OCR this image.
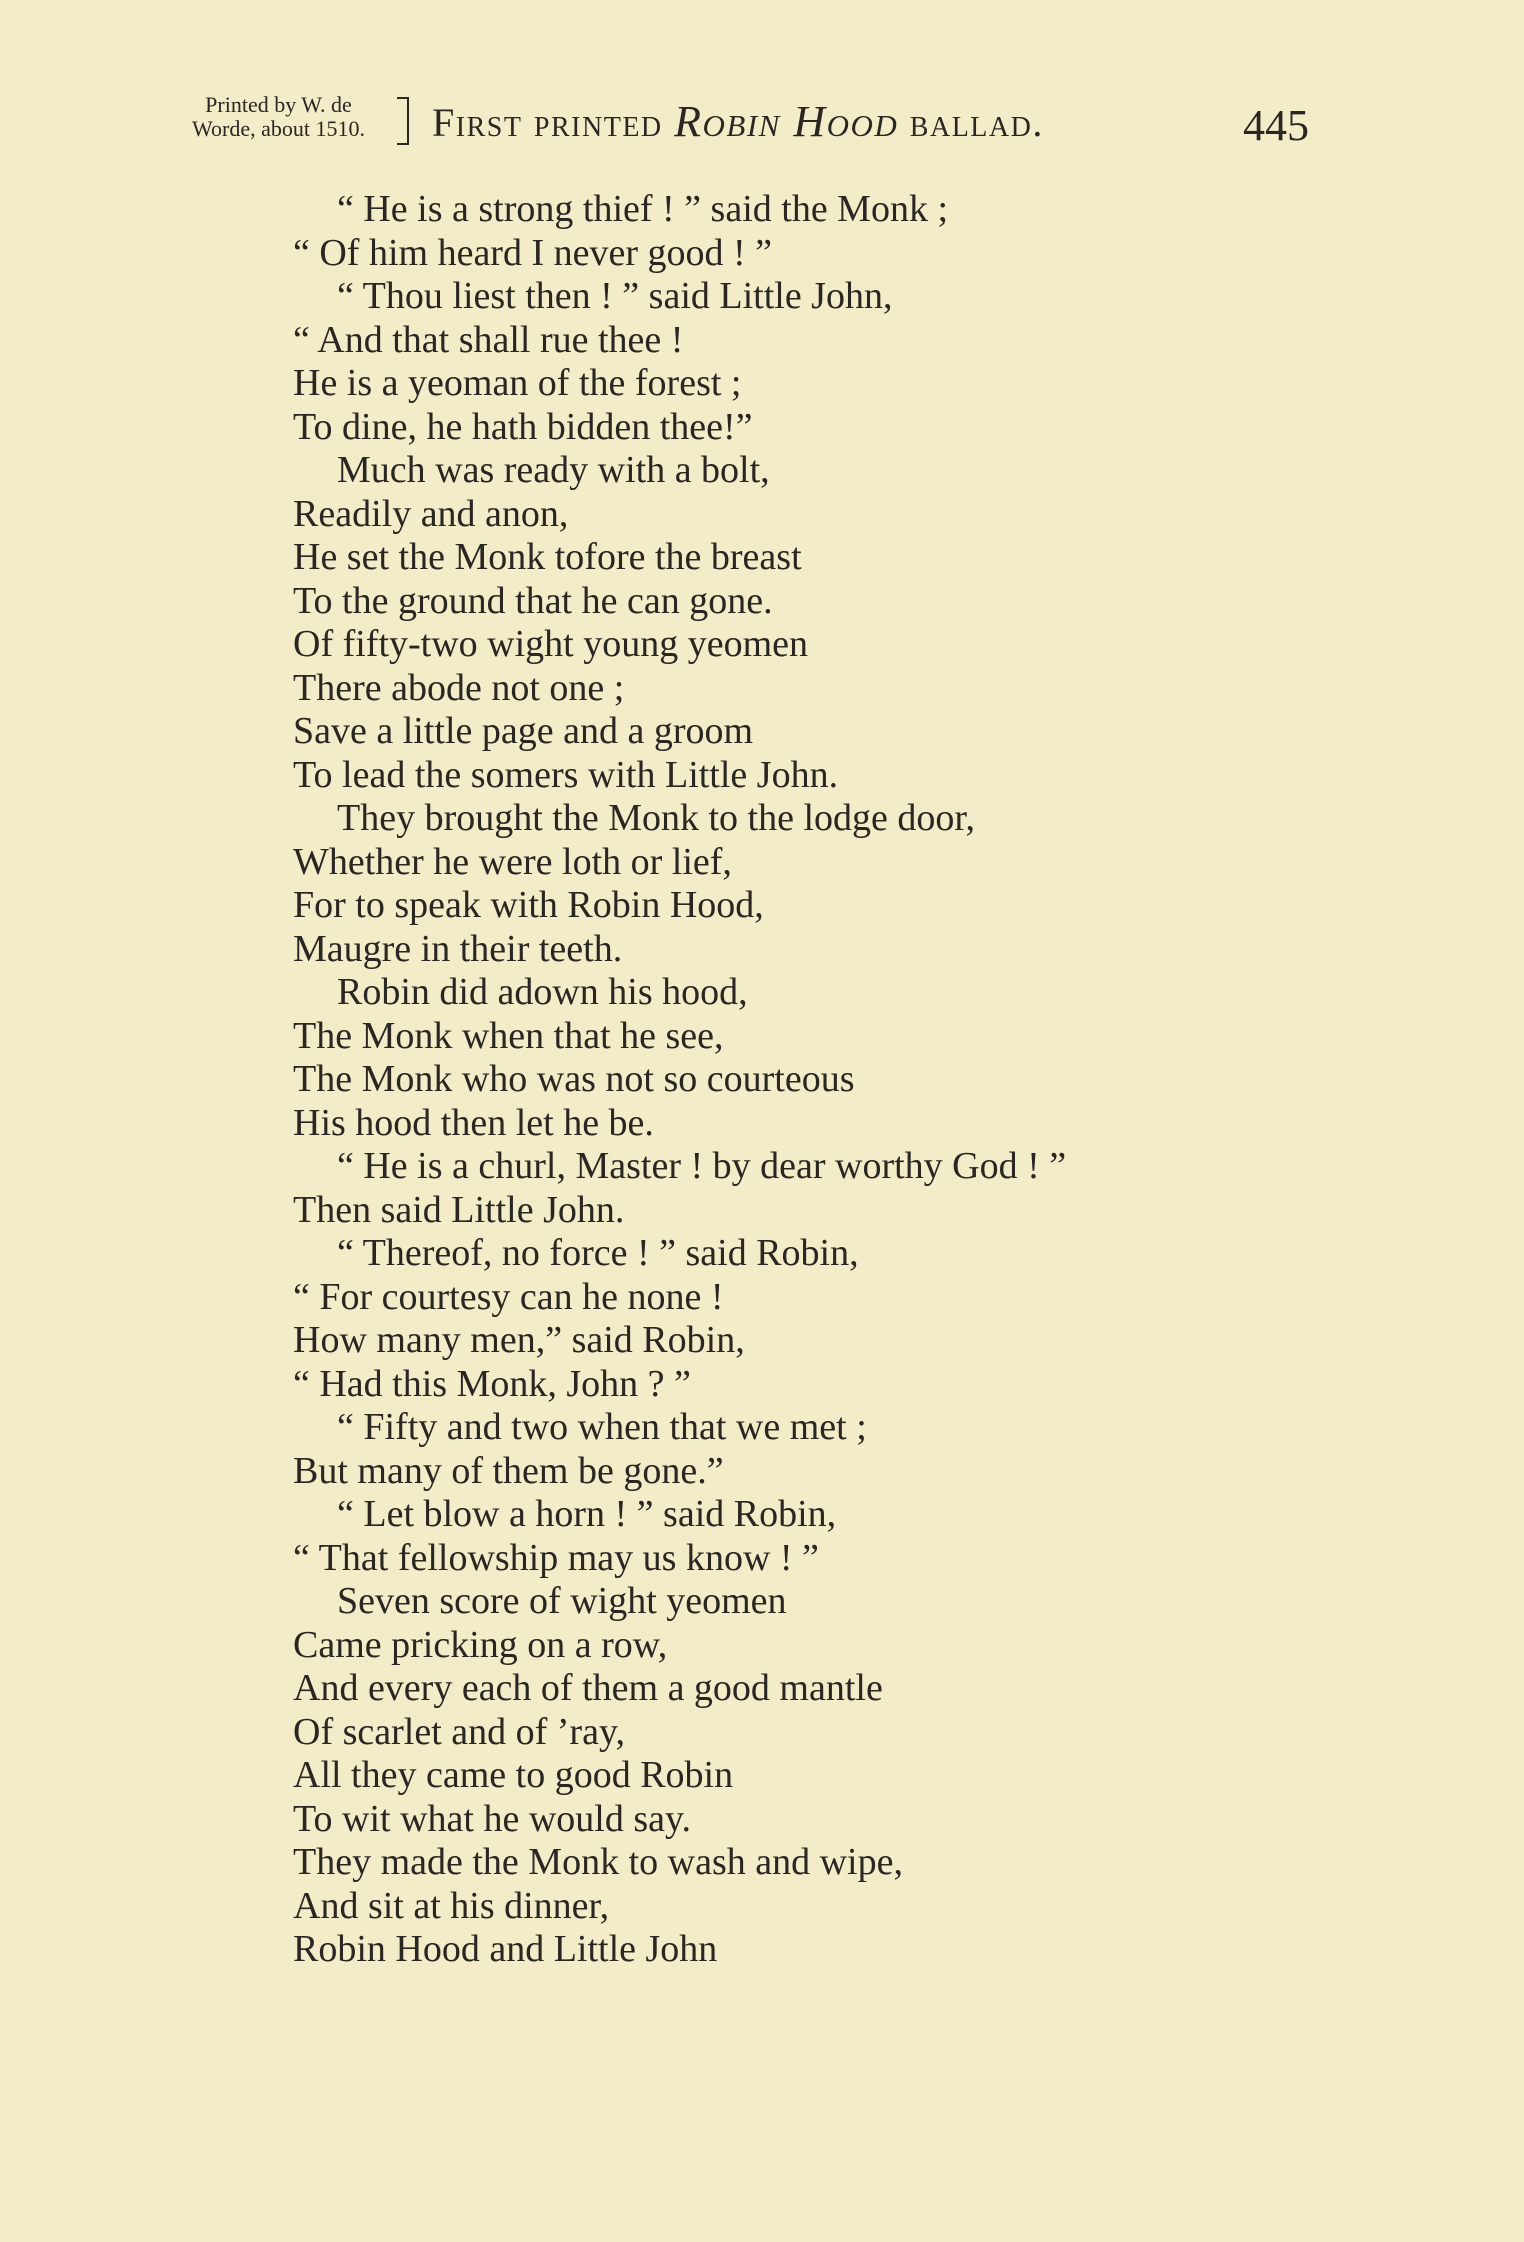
Printed by W. de
Worde, about 1510.	First printed Robin Hood ballad.	445
“ He is a strong thief ! ” said the Monk ;
“ Of him heard I never good ! ”
“ Thou liest then ! ” said Little John,
“ And that shall rue thee !
He is a yeoman of the forest ;
To dine, he hath bidden thee!”
Much was ready with a bolt,
Readily and anon,
He set the Monk tofore the breast
To the ground that he can gone.
Of fifty-two wight young yeomen
There abode not one ;
Save a little page and a groom
To lead the somers with Little John.
They brought the Monk to the lodge door,
Whether he were loth or lief,
For to speak with Robin Hood,
Maugre in their teeth.
Robin did adown his hood,
The Monk when that he see,
The Monk who was not so courteous
His hood then let he be.
“ He is a churl, Master ! by dear worthy God ! ”
Then said Little John.
“ Thereof, no force ! ” said Robin,
“ For courtesy can he none !
How many men,” said Robin,
“ Had this Monk, John ? ”
“ Fifty and two when that we met ;
But many of them be gone.”
“ Let blow a horn ! ” said Robin,
“ That fellowship may us know ! ”
Seven score of wight yeomen
Came pricking on a row,
And every each of them a good mantle
Of scarlet and of ’ray,
All they came to good Robin
To wit what he would say.
They made the Monk to wash and wipe,
And sit at his dinner,
Robin Hood and Little John
